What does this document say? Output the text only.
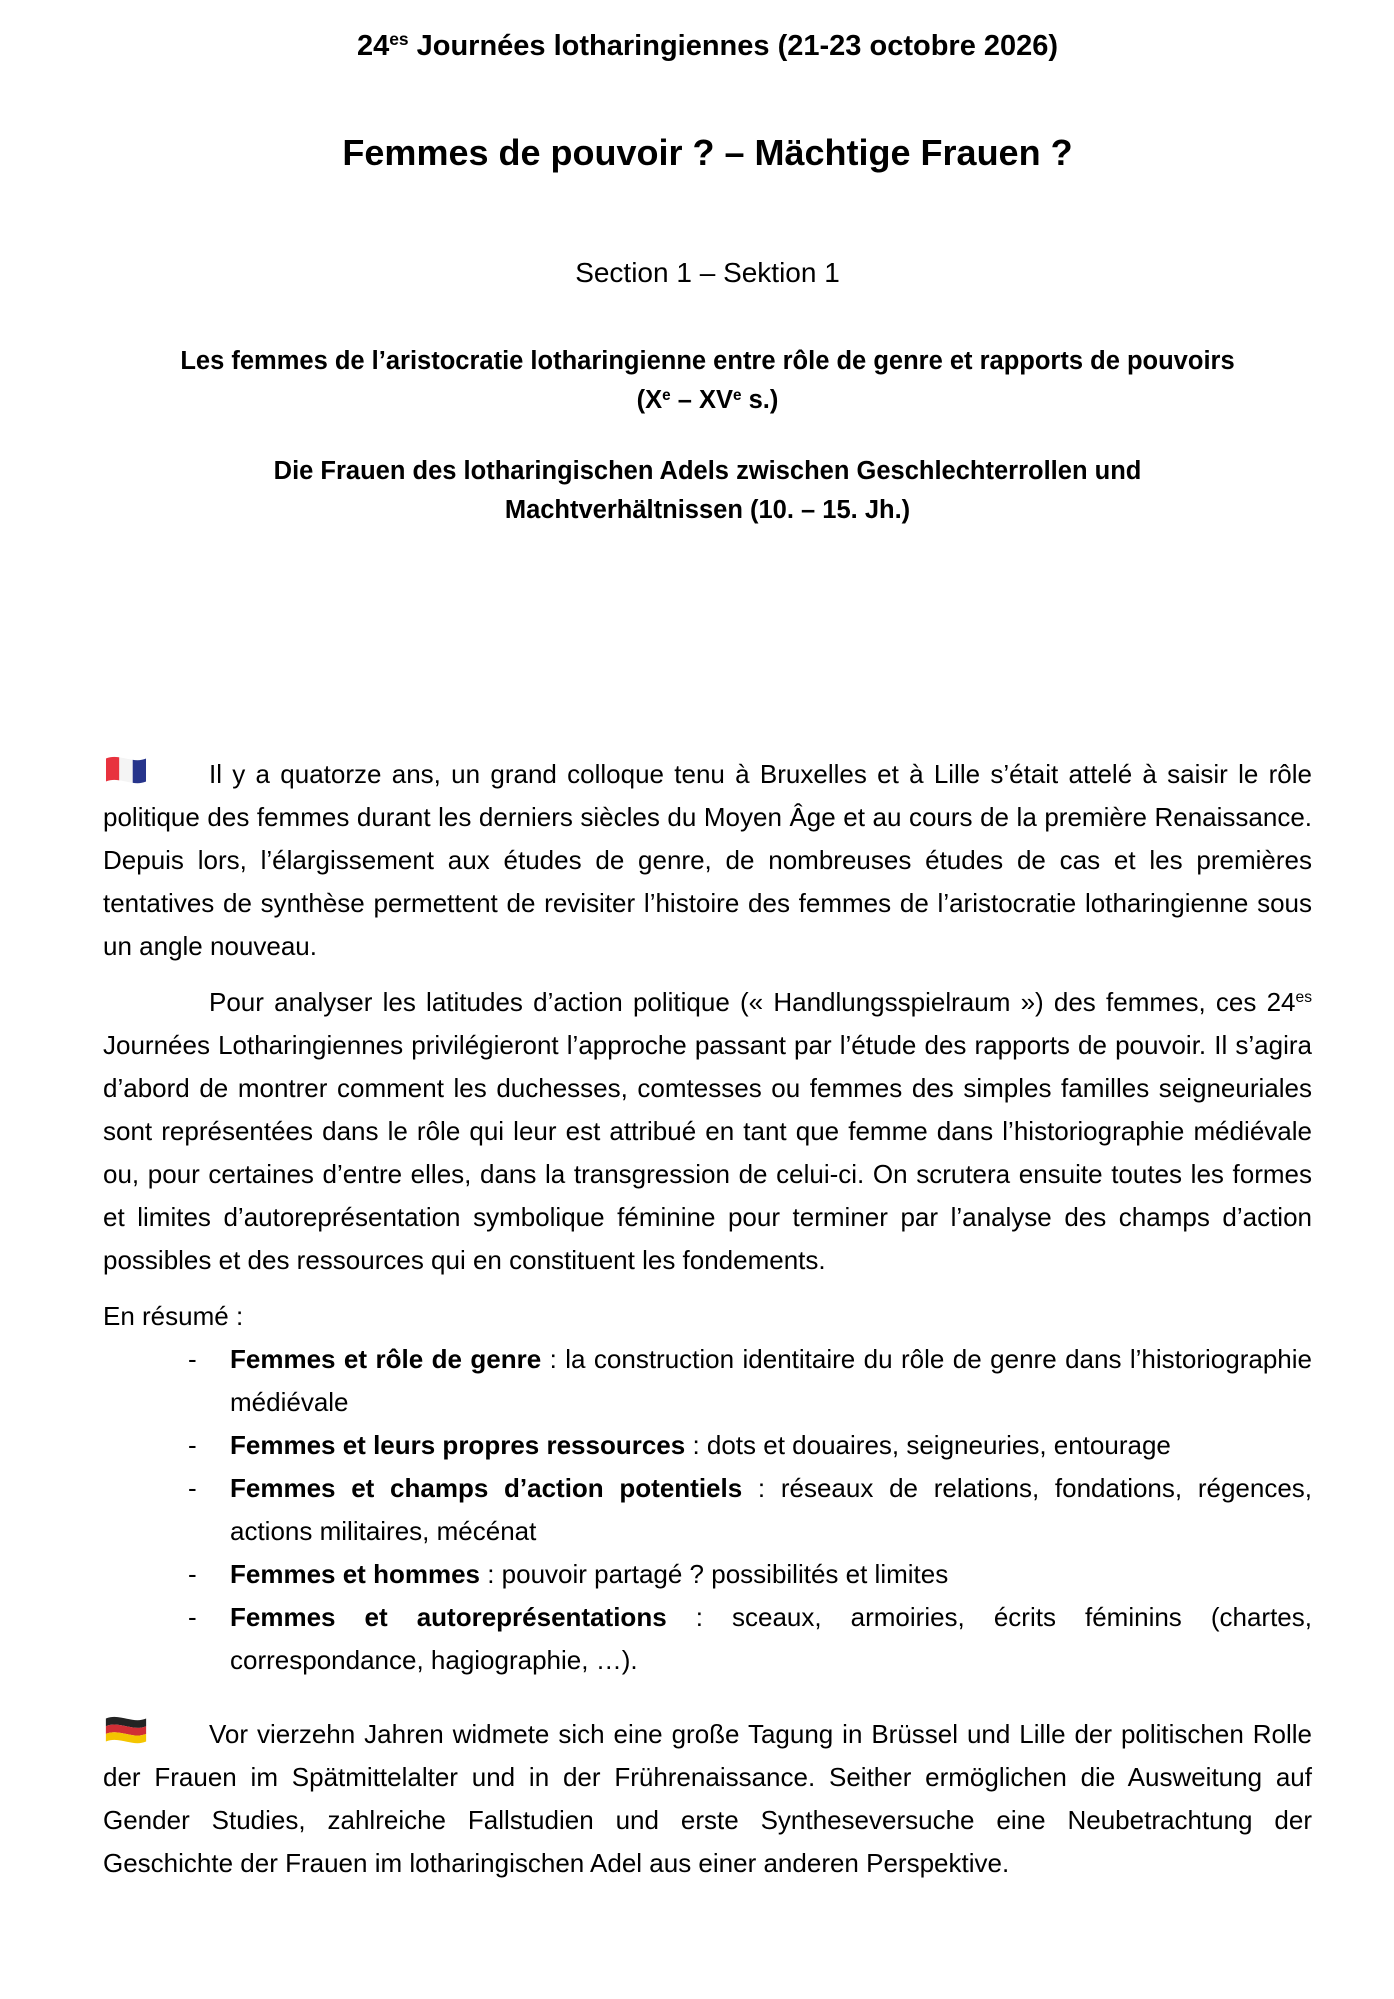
$24^{es}$ Journées lotharingiennes (21-23 octobre 2026)
Femmes de pouvoir ? – Mächtige Frauen ?
Section 1 – Sektion 1
Les femmes de l’aristocratie lotharingienne entre rôle de genre et rapports de pouvoirs
(Xe – XVe s.)
Die Frauen des lotharingischen Adels zwischen Geschlechterrollen und
Machtverhältnissen (10. – 15. Jh.)

Il y a quatorze ans, un grand colloque tenu à Bruxelles et à Lille s’était attelé à saisir le rôle politique des femmes durant les derniers siècles du Moyen Âge et au cours de la première Renaissance. Depuis lors, l’élargissement aux études de genre, de nombreuses études de cas et les premières tentatives de synthèse permettent de revisiter l’histoire des femmes de l’aristocratie lotharingienne sous un angle nouveau.

Pour analyser les latitudes d’action politique (« Handlungsspielraum ») des femmes, ces $24^{es}$ Journées Lotharingiennes privilégieront l’approche passant par l’étude des rapports de pouvoir. Il s’agira d’abord de montrer comment les duchesses, comtesses ou femmes des simples familles seigneuriales sont représentées dans le rôle qui leur est attribué en tant que femme dans l’historiographie médiévale ou, pour certaines d’entre elles, dans la transgression de celui-ci. On scrutera ensuite toutes les formes et limites d’autoreprésentation symbolique féminine pour terminer par l’analyse des champs d’action possibles et des ressources qui en constituent les fondements.

En résumé :

- Femmes et rôle de genre : la construction identitaire du rôle de genre dans l’historiographie médiévale
- Femmes et leurs propres ressources : dots et douaires, seigneuries, entourage
- Femmes et champs d’action potentiels : réseaux de relations, fondations, régences, actions militaires, mécénat
- Femmes et hommes : pouvoir partagé ? possibilités et limites
- Femmes et autoreprésentations : sceaux, armoiries, écrits féminins (chartes, correspondance, hagiographie, …).

Vor vierzehn Jahren widmete sich eine große Tagung in Brüssel und Lille der politischen Rolle der Frauen im Spätmittelalter und in der Frührenaissance. Seither ermöglichen die Ausweitung auf Gender Studies, zahlreiche Fallstudien und erste Syntheseversuche eine Neubetrachtung der Geschichte der Frauen im lotharingischen Adel aus einer anderen Perspektive.
